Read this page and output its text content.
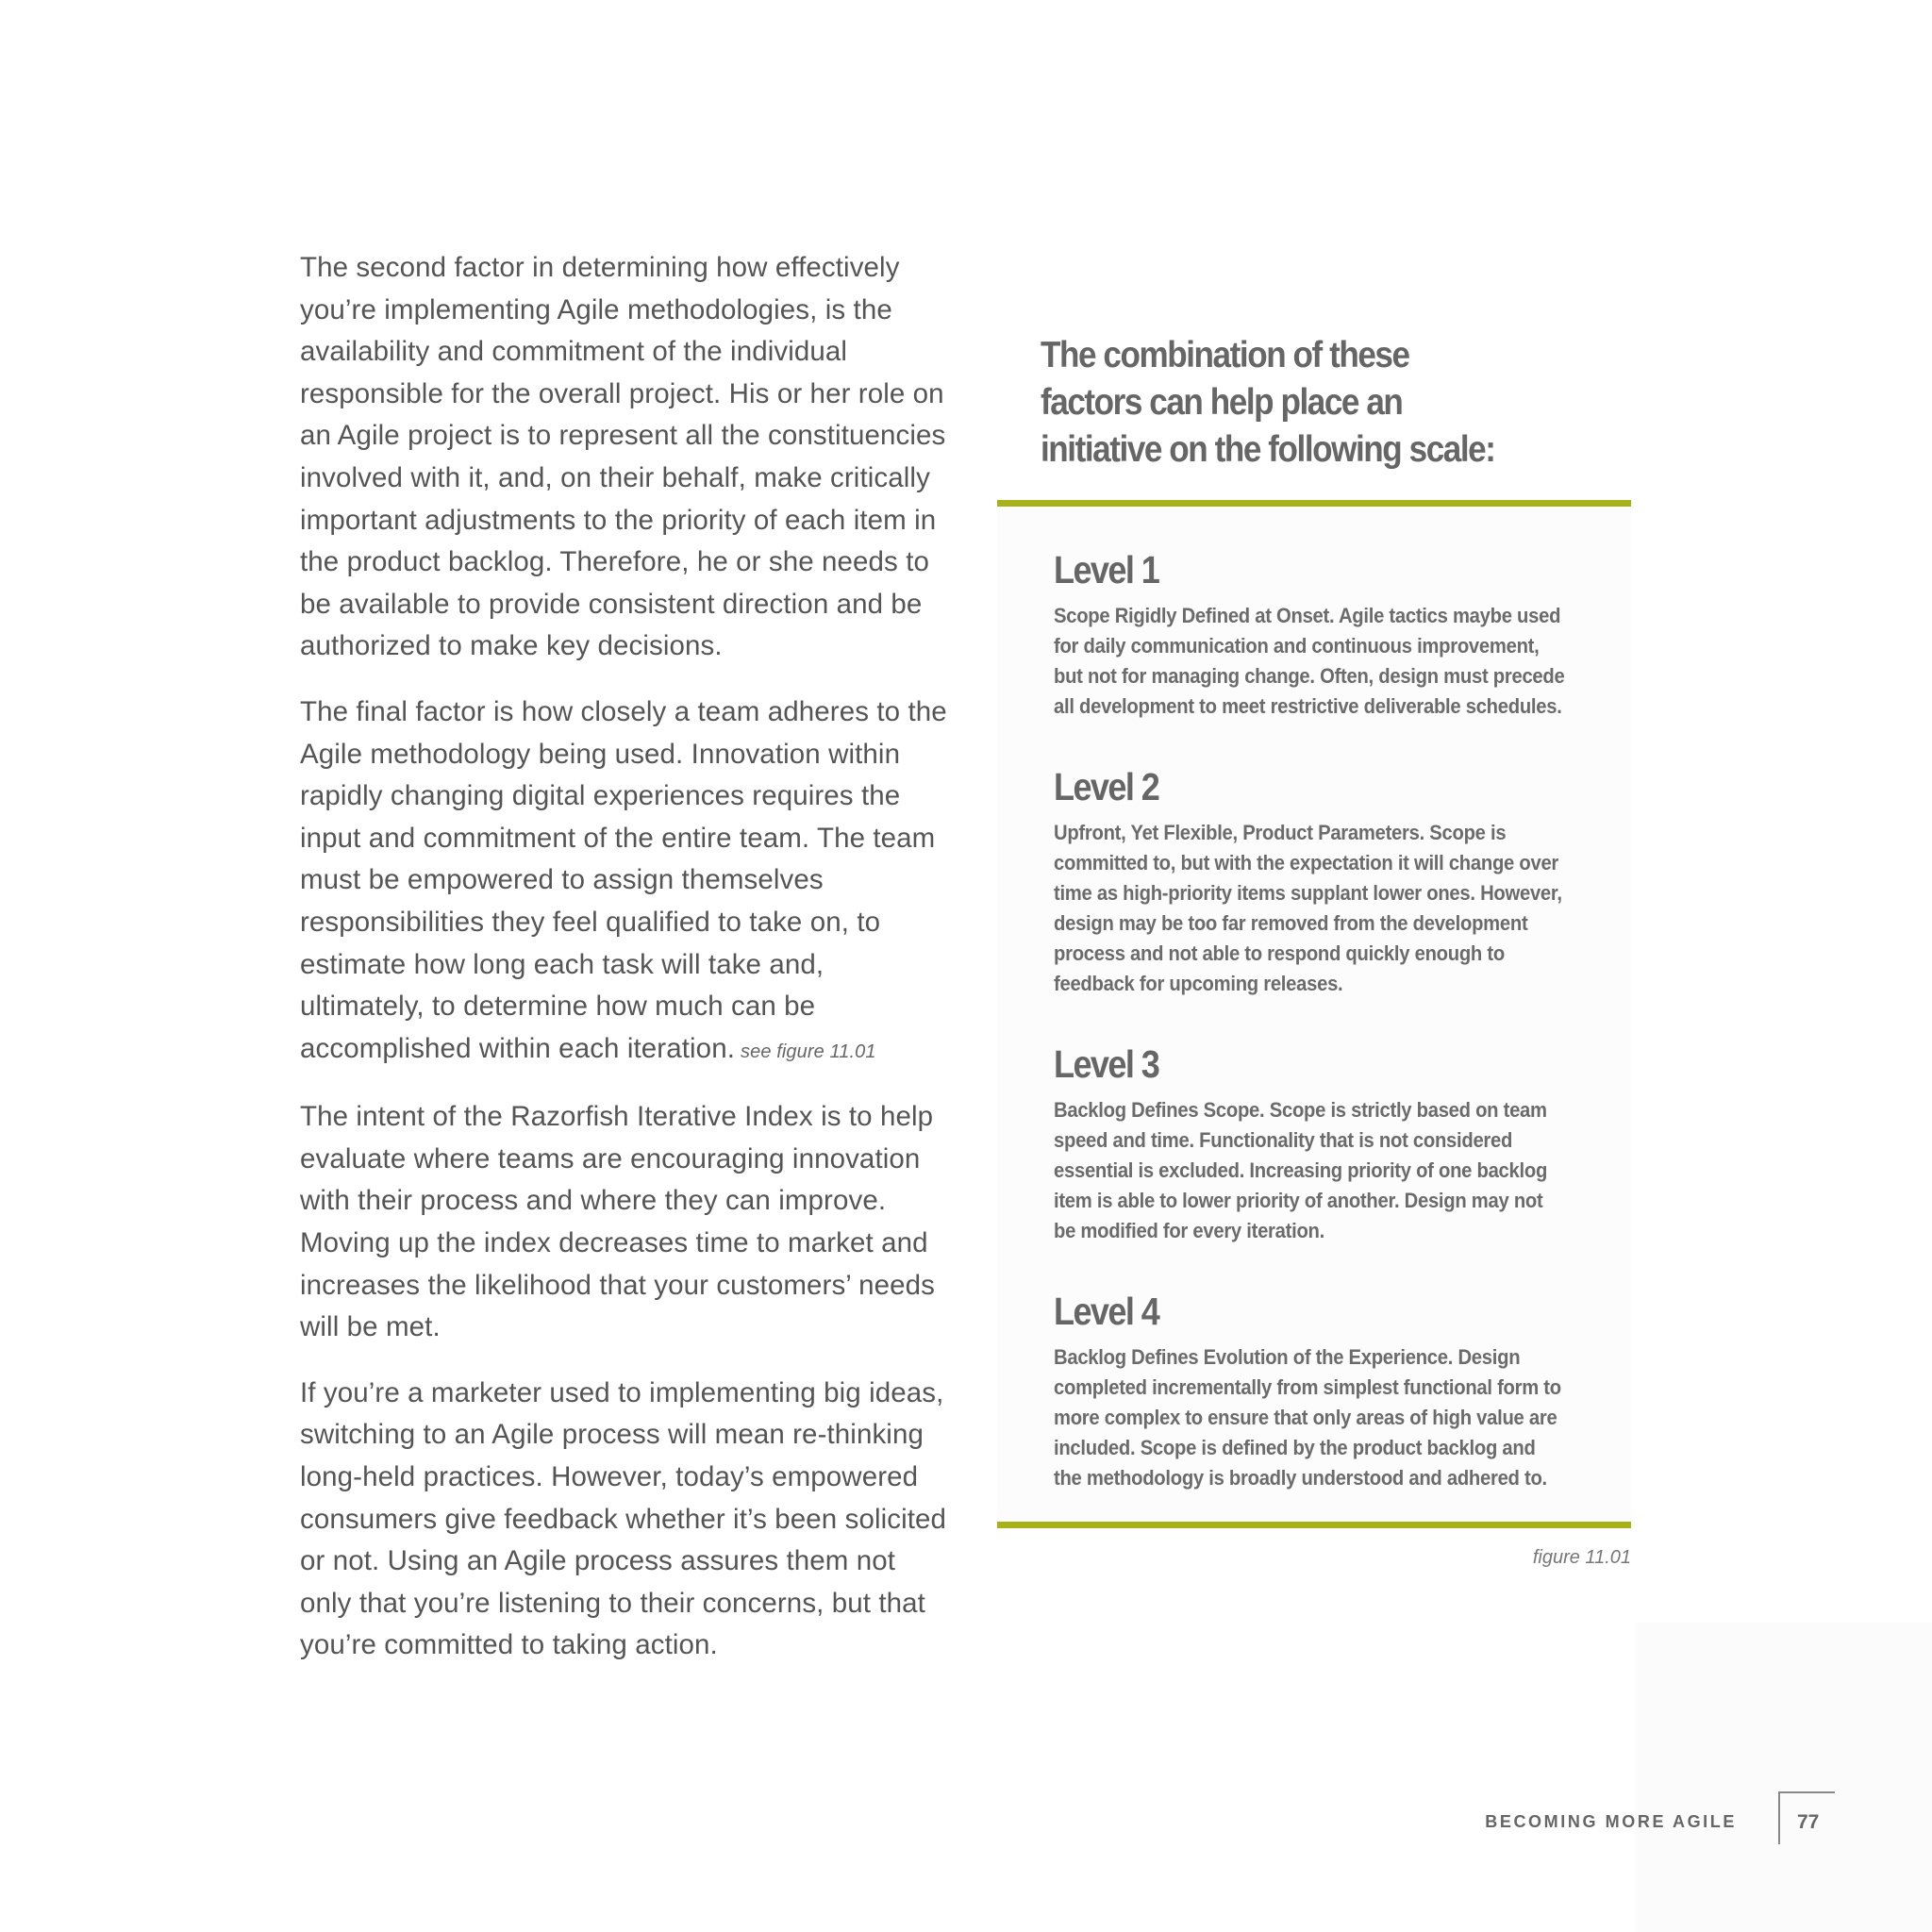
The second factor in determining how effectively you’re implementing Agile methodologies, is the availability and commitment of the individual responsible for the overall project. His or her role on an Agile project is to represent all the constituencies involved with it, and, on their behalf, make critically important adjustments to the priority of each item in the product backlog. Therefore, he or she needs to be available to provide consistent direction and be authorized to make key decisions.

The final factor is how closely a team adheres to the Agile methodology being used. Innovation within rapidly changing digital experiences requires the input and commitment of the entire team. The team must be empowered to assign themselves responsibilities they feel qualified to take on, to estimate how long each task will take and, ultimately, to determine how much can be accomplished within each iteration. see figure 11.01

The intent of the Razorfish Iterative Index is to help evaluate where teams are encouraging innovation with their process and where they can improve. Moving up the index decreases time to market and increases the likelihood that your customers’ needs will be met.

If you’re a marketer used to implementing big ideas, switching to an Agile process will mean re-thinking long-held practices. However, today’s empowered consumers give feedback whether it’s been solicited or not. Using an Agile process assures them not only that you’re listening to their concerns, but that you’re committed to taking action.

The combination of these factors can help place an initiative on the following scale:
Level 1

Scope Rigidly Defined at Onset. Agile tactics maybe used for daily communication and continuous improvement, but not for managing change. Often, design must precede all development to meet restrictive deliverable schedules.

Level 2

Upfront, Yet Flexible, Product Parameters. Scope is committed to, but with the expectation it will change over time as high-priority items supplant lower ones. However, design may be too far removed from the development process and not able to respond quickly enough to feedback for upcoming releases.

Level 3

Backlog Defines Scope. Scope is strictly based on team speed and time. Functionality that is not considered essential is excluded. Increasing priority of one backlog item is able to lower priority of another. Design may not be modified for every iteration.

Level 4

Backlog Defines Evolution of the Experience. Design completed incrementally from simplest functional form to more complex to ensure that only areas of high value are included. Scope is defined by the product backlog and the methodology is broadly understood and adhered to.

figure 11.01
BECOMING MORE AGILE	77
